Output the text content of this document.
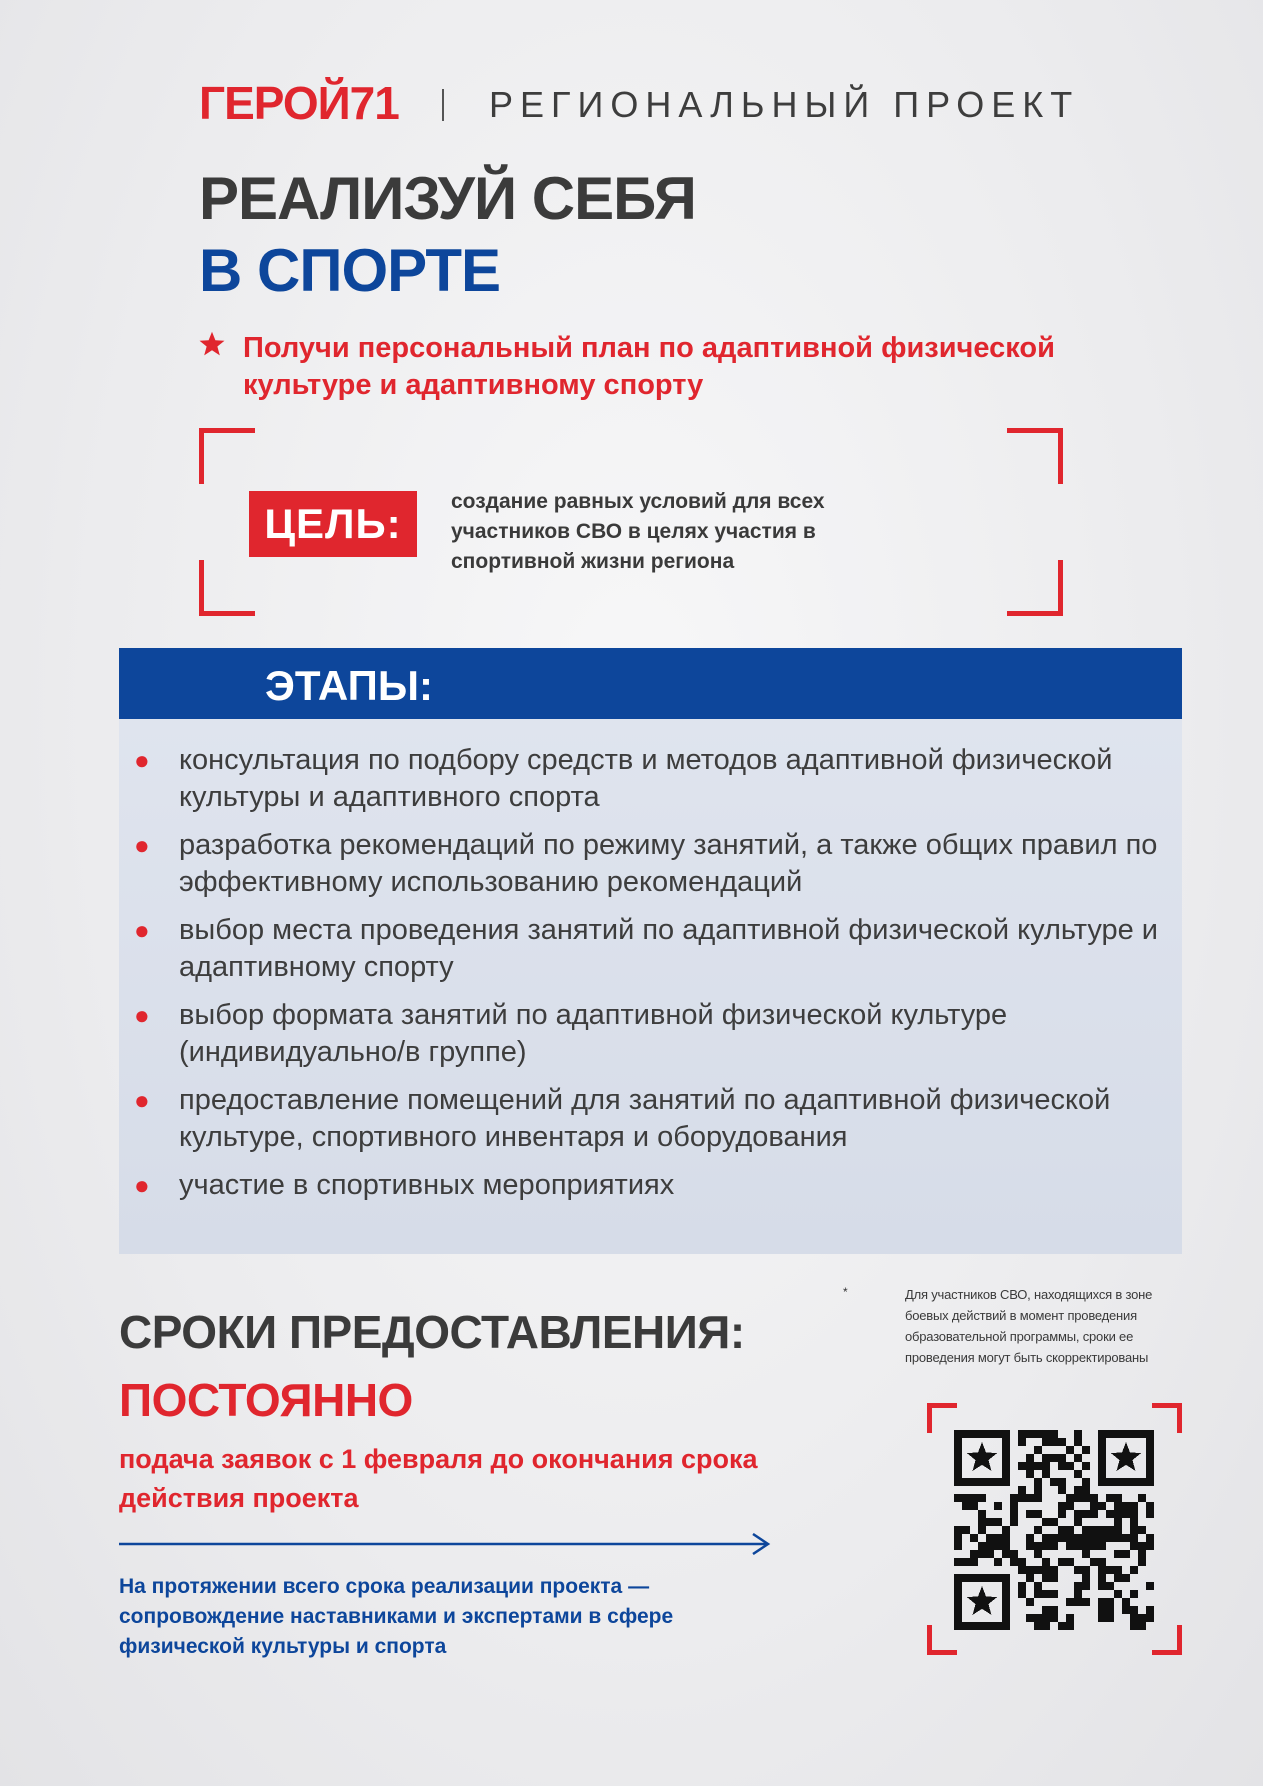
ГЕРОЙ71	РЕГИОНАЛЬНЫЙ ПРОЕКТ
РЕАЛИЗУЙ СЕБЯ
В СПОРТЕ
Получи персональный план по адаптивной физической культуре и адаптивному спорту
ЦЕЛЬ:	создание равных условий для всех участников СВО в целях участия в спортивной жизни региона
ЭТАПЫ:
●	консультация по подбору средств и методов адаптивной физической культуры и адаптивного спорта
●	разработка рекомендаций по режиму занятий, а также общих правил по эффективному использованию рекомендаций
●	выбор места проведения занятий по адаптивной физической культуре и адаптивному спорту
●	выбор формата занятий по адаптивной физической культуре (индивидуально/в группе)
●	предоставление помещений для занятий по адаптивной физической культуре, спортивного инвентаря и оборудования
●	участие в спортивных мероприятиях
СРОКИ ПРЕДОСТАВЛЕНИЯ:
ПОСТОЯННО
подача заявок с 1 февраля до окончания срока действия проекта
На протяжении всего срока реализации проекта — сопровождение наставниками и экспертами в сфере физической культуры и спорта
*	Для участников СВО, находящихся в зоне боевых действий в момент проведения образовательной программы, сроки ее проведения могут быть скорректированы
